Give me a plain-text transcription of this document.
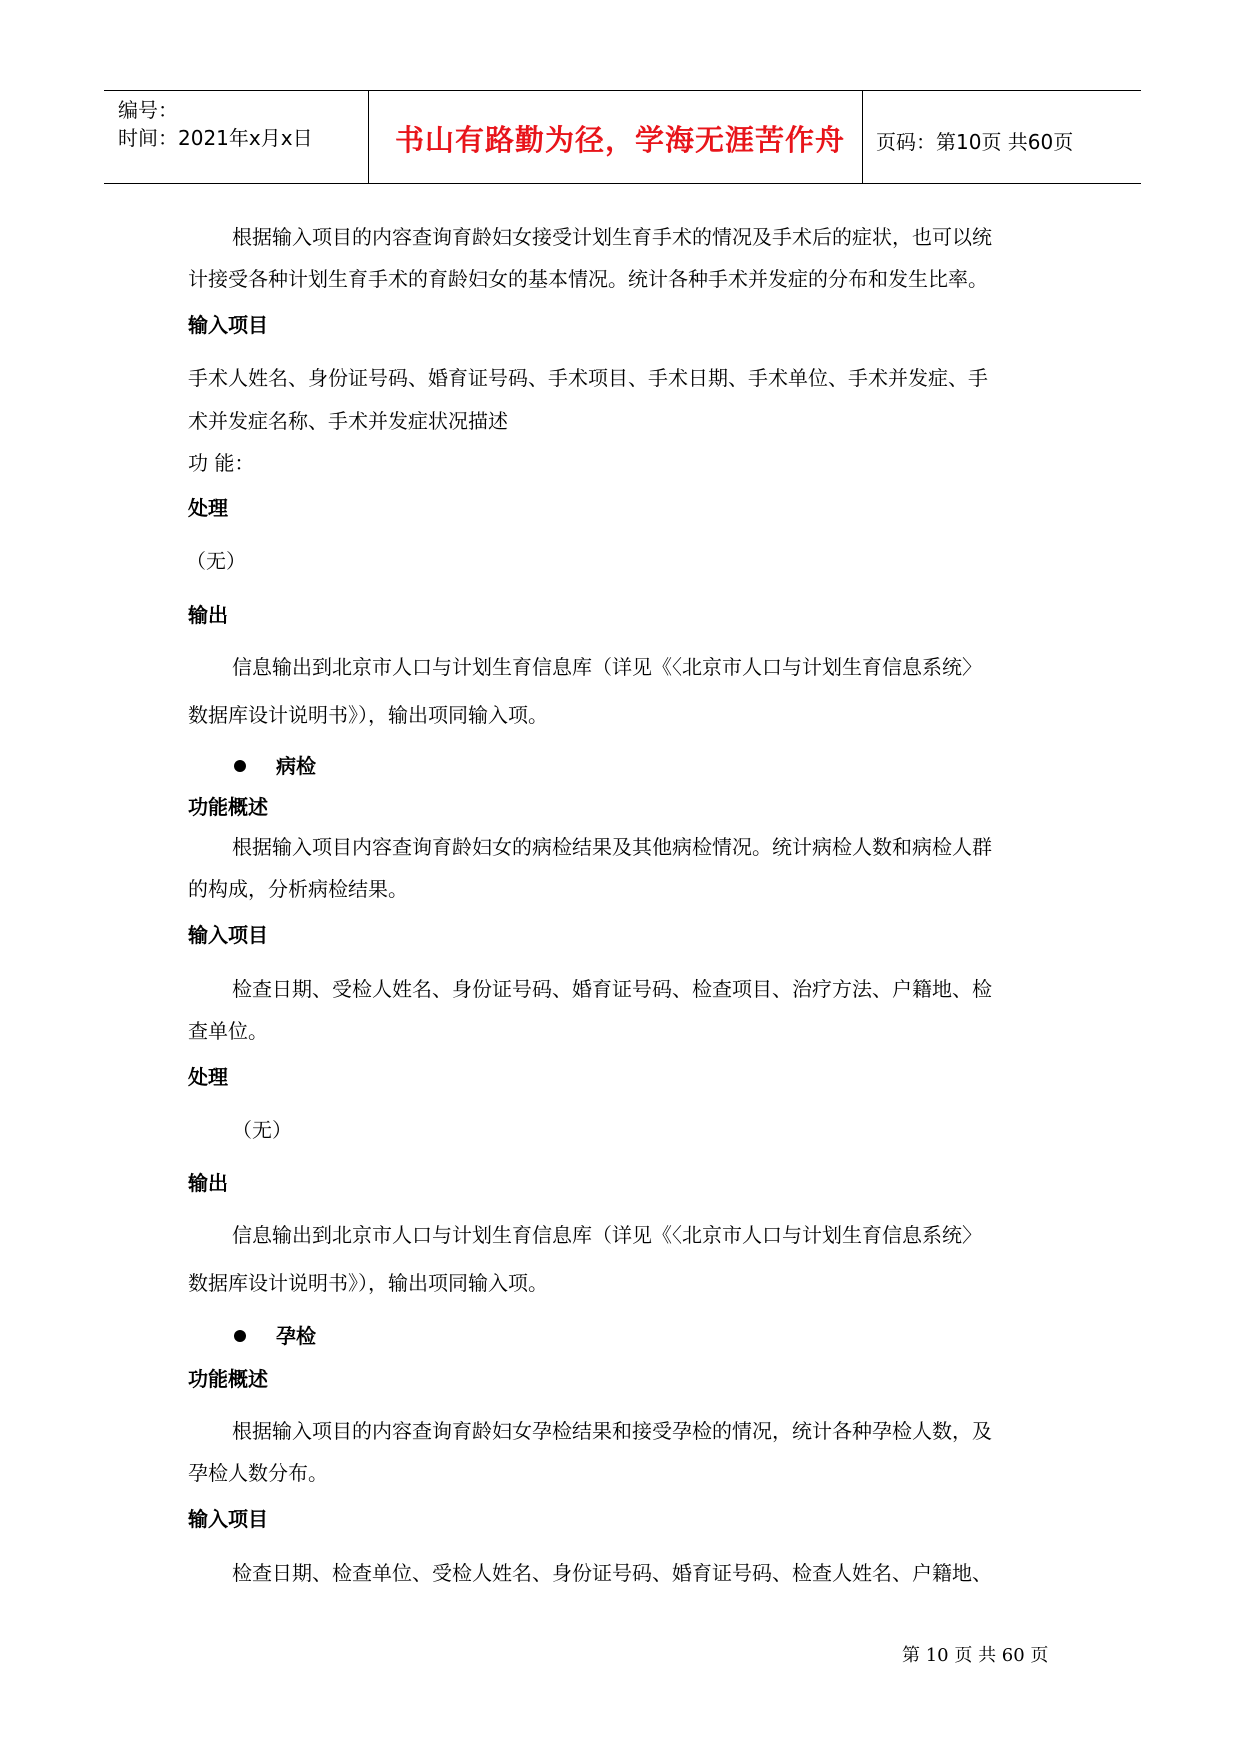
编号：
时间：2021年x月x日	书山有路勤为径，学海无涯苦作舟 页码：第10页 共60页
根据输入项目的内容查询育龄妇女接受计划生育手术的情况及手术后的症状，也可以统
计接受各种计划生育手术的育龄妇女的基本情况。统计各种手术并发症的分布和发生比率。
输入项目
手术人姓名、身份证号码、婚育证号码、手术项目、手术日期、手术单位、手术并发症、手
术并发症名称、手术并发症状况描述
功 能：
处理
（无）
输出
信息输出到北京市人口与计划生育信息库（详见《〈北京市人口与计划生育信息系统〉
数据库设计说明书》），输出项同输入项。
病检
功能概述
根据输入项目内容查询育龄妇女的病检结果及其他病检情况。统计病检人数和病检人群
的构成，分析病检结果。
输入项目
检查日期、受检人姓名、身份证号码、婚育证号码、检查项目、治疗方法、户籍地、检
查单位。
处理
（无）
输出
信息输出到北京市人口与计划生育信息库（详见《〈北京市人口与计划生育信息系统〉
数据库设计说明书》），输出项同输入项。
孕检
功能概述
根据输入项目的内容查询育龄妇女孕检结果和接受孕检的情况，统计各种孕检人数，及
孕检人数分布。
输入项目
检查日期、检查单位、受检人姓名、身份证号码、婚育证号码、检查人姓名、户籍地、
第 10 页 共 60 页
